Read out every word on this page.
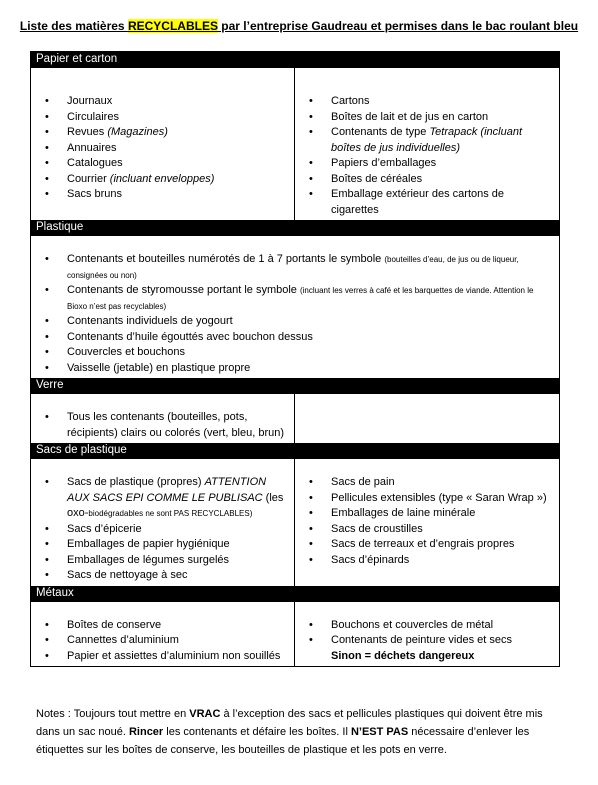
Liste des matières RECYCLABLES par l’entreprise Gaudreau et permises dans le bac roulant bleu
Papier et carton
• Journaux
• Circulaires
• Revues (Magazines)
• Annuaires
• Catalogues
• Courrier (incluant enveloppes)
• Sacs bruns
• Cartons
• Boîtes de lait et de jus en carton
• Contenants de type Tetrapack (incluant boîtes de jus individuelles)
• Papiers d’emballages
• Boîtes de céréales
• Emballage extérieur des cartons de cigarettes
Plastique
• Contenants et bouteilles numérotés de 1 à 7 portants le symbole (bouteilles d’eau, de jus ou de liqueur, consignées ou non)
• Contenants de styromousse portant le symbole (incluant les verres à café et les barquettes de viande. Attention le Bioxo n’est pas recyclables)
• Contenants individuels de yogourt
• Contenants d’huile égouttés avec bouchon dessus
• Couvercles et bouchons
• Vaisselle (jetable) en plastique propre
Verre
• Tous les contenants (bouteilles, pots, récipients) clairs ou colorés (vert, bleu, brun)
Sacs de plastique
• Sacs de plastique (propres) ATTENTION AUX SACS EPI COMME LE PUBLISAC (les oxo-biodégradables ne sont PAS RECYCLABLES)
• Sacs d’épicerie
• Emballages de papier hygiénique
• Emballages de légumes surgelés
• Sacs de nettoyage à sec
• Sacs de pain
• Pellicules extensibles (type « Saran Wrap »)
• Emballages de laine minérale
• Sacs de croustilles
• Sacs de terreaux et d’engrais propres
• Sacs d’épinards
Métaux
• Boîtes de conserve
• Cannettes d’aluminium
• Papier et assiettes d’aluminium non souillés
• Bouchons et couvercles de métal
• Contenants de peinture vides et secs
Sinon = déchets dangereux
Notes : Toujours tout mettre en VRAC à l’exception des sacs et pellicules plastiques qui doivent être mis dans un sac noué. Rincer les contenants et défaire les boîtes. Il N’EST PAS nécessaire d’enlever les étiquettes sur les boîtes de conserve, les bouteilles de plastique et les pots en verre.
